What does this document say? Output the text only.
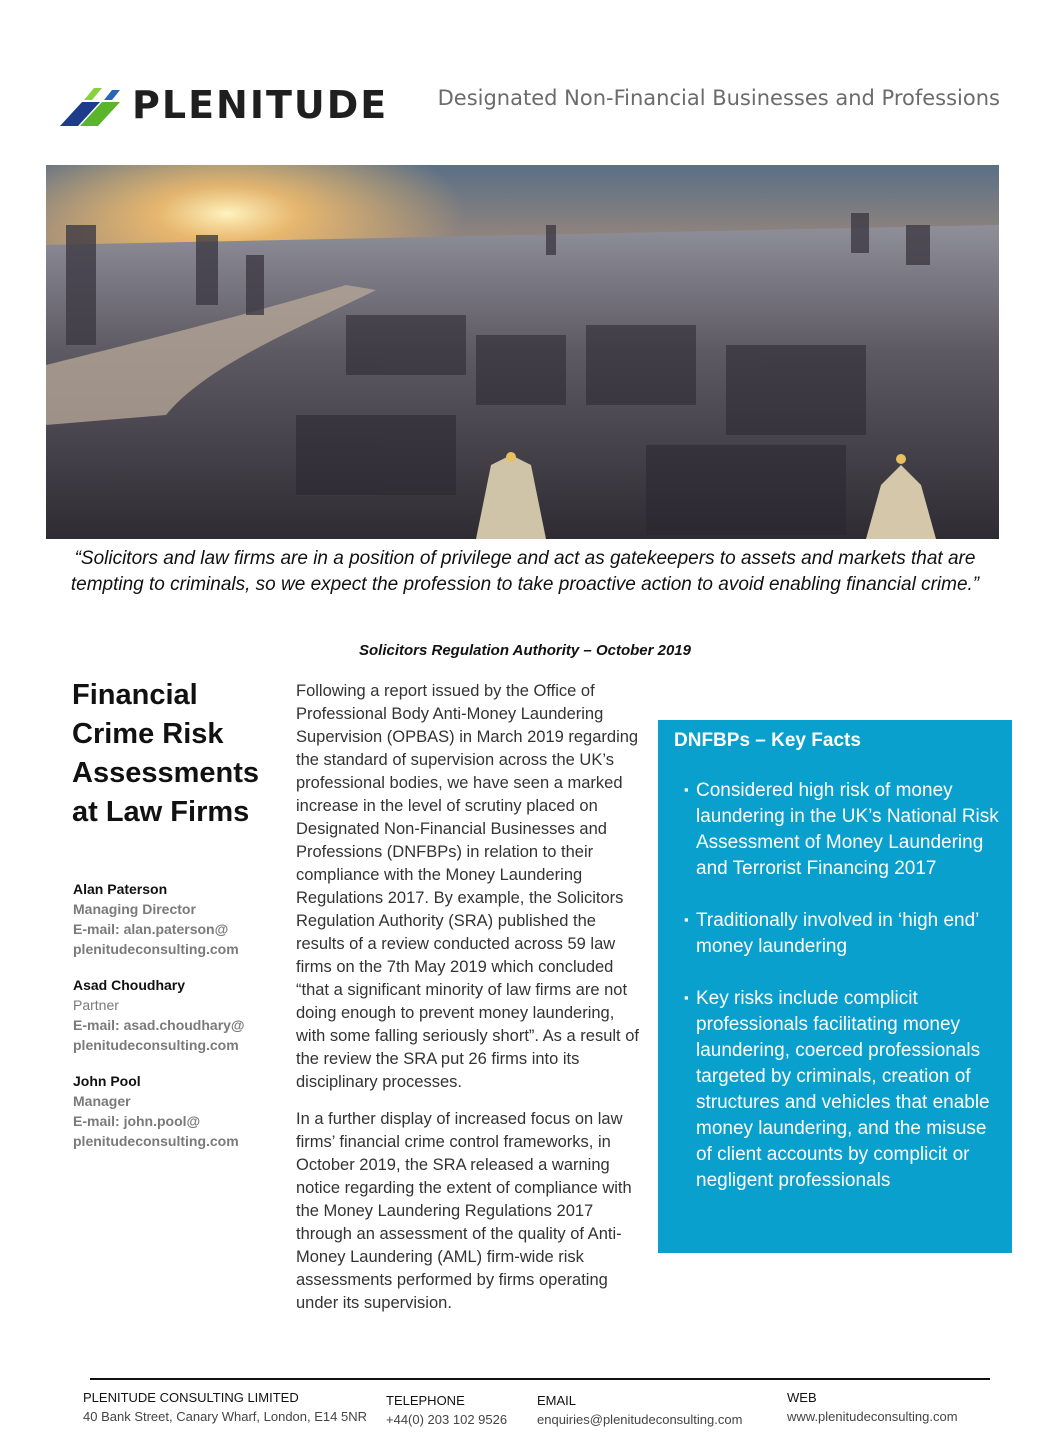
PLENITUDE Designated Non-Financial Businesses and Professions
“Solicitors and law firms are in a position of privilege and act as gatekeepers to assets and markets that are tempting to criminals, so we expect the profession to take proactive action to avoid enabling financial crime.”
Solicitors Regulation Authority – October 2019
Financial Crime Risk Assessments at Law Firms
Alan Paterson
Managing Director
E-mail: alan.paterson@
plenitudeconsulting.com
Asad Choudhary
Partner
E-mail: asad.choudhary@
plenitudeconsulting.com
John Pool
Manager
E-mail: john.pool@
plenitudeconsulting.com

Following a report issued by the Office of Professional Body Anti-Money Laundering Supervision (OPBAS) in March 2019 regarding the standard of supervision across the UK’s professional bodies, we have seen a marked increase in the level of scrutiny placed on Designated Non-Financial Businesses and Professions (DNFBPs) in relation to their compliance with the Money Laundering Regulations 2017. By example, the Solicitors Regulation Authority (SRA) published the results of a review conducted across 59 law firms on the 7th May 2019 which concluded “that a significant minority of law firms are not doing enough to prevent money laundering, with some falling seriously short”. As a result of the review the SRA put 26 firms into its disciplinary processes.

In a further display of increased focus on law firms’ financial crime control frameworks, in October 2019, the SRA released a warning notice regarding the extent of compliance with the Money Laundering Regulations 2017 through an assessment of the quality of Anti-Money Laundering (AML) firm-wide risk assessments performed by firms operating under its supervision.

DNFBPs – Key Facts
▪ Considered high risk of money laundering in the UK’s National Risk Assessment of Money Laundering and Terrorist Financing 2017
▪ Traditionally involved in ‘high end’ money laundering
▪ Key risks include complicit professionals facilitating money laundering, coerced professionals targeted by criminals, creation of structures and vehicles that enable money laundering, and the misuse of client accounts by complicit or negligent professionals
PLENITUDE CONSULTING LIMITED
40 Bank Street, Canary Wharf, London, E14 5NR
TELEPHONE
+44(0) 203 102 9526
EMAIL
enquiries@plenitudeconsulting.com
WEB
www.plenitudeconsulting.com
